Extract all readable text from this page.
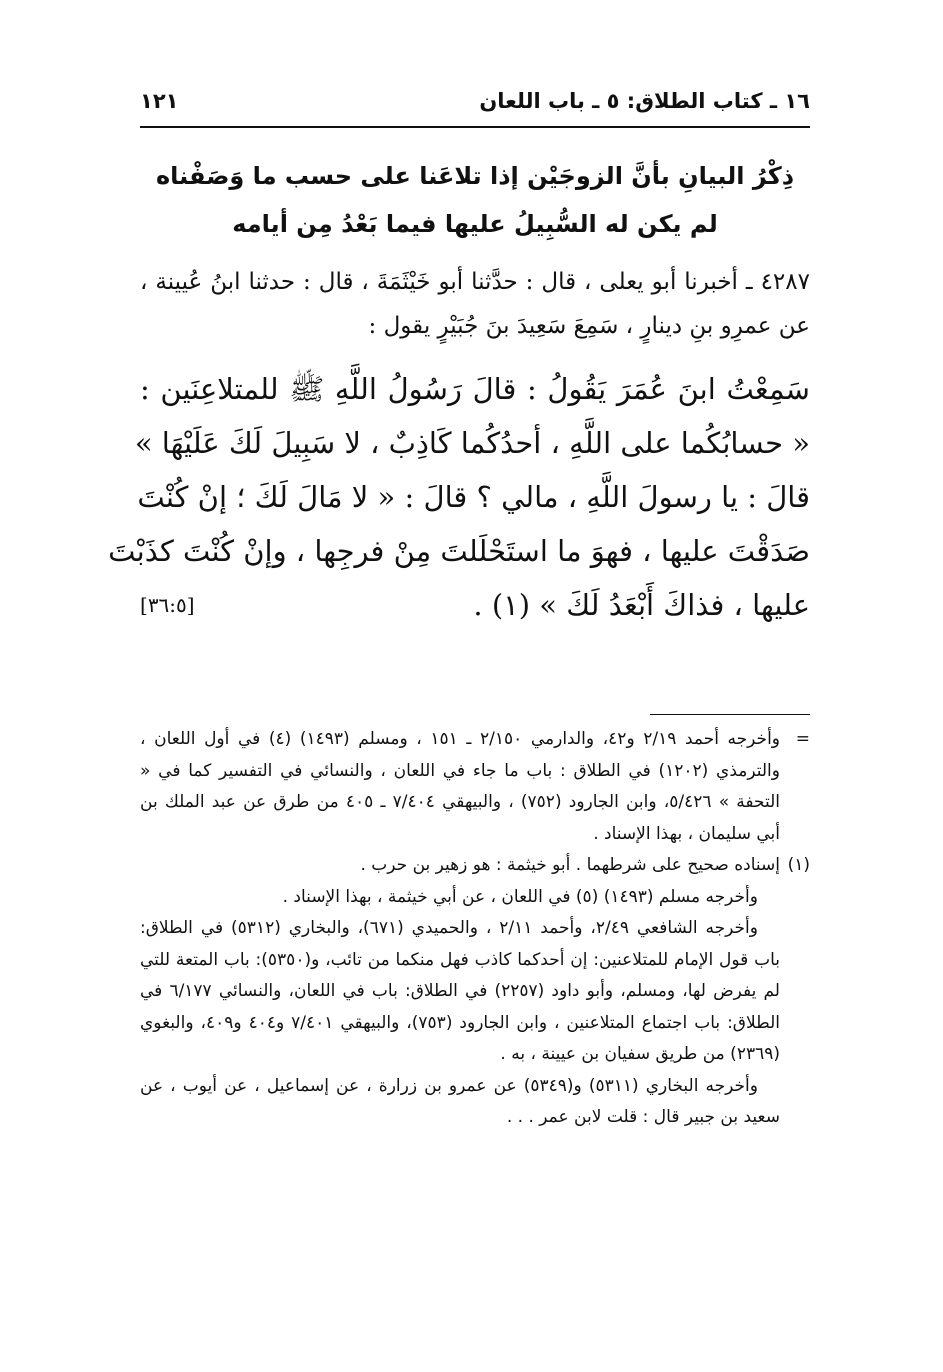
١٦ ـ كتاب الطلاق: ٥ ـ باب اللعان
١٢١
ذِكْرُ البيانِ بأنَّ الزوجَيْن إذا تلاعَنا على حسب ما وَصَفْناه
لم يكن له السُّبِيلُ عليها فيما بَعْدُ مِن أيامه
٤٢٨٧ ـ أخبرنا أبو يعلى ، قال : حدَّثنا أبو خَيْثَمَةَ ، قال : حدثنا ابنُ عُيينة ، عن عمرِو بنِ دينارٍ ، سَمِعَ سَعِيدَ بنَ جُبَيْرٍ يقول :
سَمِعْتُ ابنَ عُمَرَ يَقُولُ : قالَ رَسُولُ اللَّهِ ﷺ للمتلاعِنَين :
« حسابُكُما على اللَّهِ ، أحدُكُما كَاذِبٌ ، لا سَبِيلَ لَكَ عَلَيْهَا »
قالَ : يا رسولَ اللَّهِ ، مالي ؟ قالَ : « لا مَالَ لَكَ ؛ إنْ كُنْتَ
صَدَقْتَ عليها ، فهوَ ما استَحْلَلتَ مِنْ فرجِها ، وإنْ كُنْتَ كذَبْتَ
عليها ، فذاكَ أَبْعَدُ لَكَ » (١) .
[٣٦:٥]
=
وأخرجه أحمد ٢/١٩ و٤٢، والدارمي ٢/١٥٠ ـ ١٥١ ، ومسلم (١٤٩٣) (٤) في أول اللعان ، والترمذي (١٢٠٢) في الطلاق : باب ما جاء في اللعان ، والنسائي في التفسير كما في « التحفة » ٥/٤٢٦، وابن الجارود (٧٥٢) ، والبيهقي ٧/٤٠٤ ـ ٤٠٥ من طرق عن عبد الملك بن أبي سليمان ، بهذا الإسناد .
(١)
إسناده صحيح على شرطهما . أبو خيثمة : هو زهير بن حرب .
وأخرجه مسلم (١٤٩٣) (٥) في اللعان ، عن أبي خيثمة ، بهذا الإسناد .
وأخرجه الشافعي ٢/٤٩، وأحمد ٢/١١ ، والحميدي (٦٧١)، والبخاري (٥٣١٢) في الطلاق: باب قول الإمام للمتلاعنين: إن أحدكما كاذب فهل منكما من تائب، و(٥٣٥٠): باب المتعة للتي لم يفرض لها، ومسلم، وأبو داود (٢٢٥٧) في الطلاق: باب في اللعان، والنسائي ٦/١٧٧ في الطلاق: باب اجتماع المتلاعنين ، وابن الجارود (٧٥٣)، والبيهقي ٧/٤٠١ و٤٠٤ و٤٠٩، والبغوي (٢٣٦٩) من طريق سفيان بن عيينة ، به .
وأخرجه البخاري (٥٣١١) و(٥٣٤٩) عن عمرو بن زرارة ، عن إسماعيل ، عن أيوب ، عن سعيد بن جبير قال : قلت لابن عمر . . .
